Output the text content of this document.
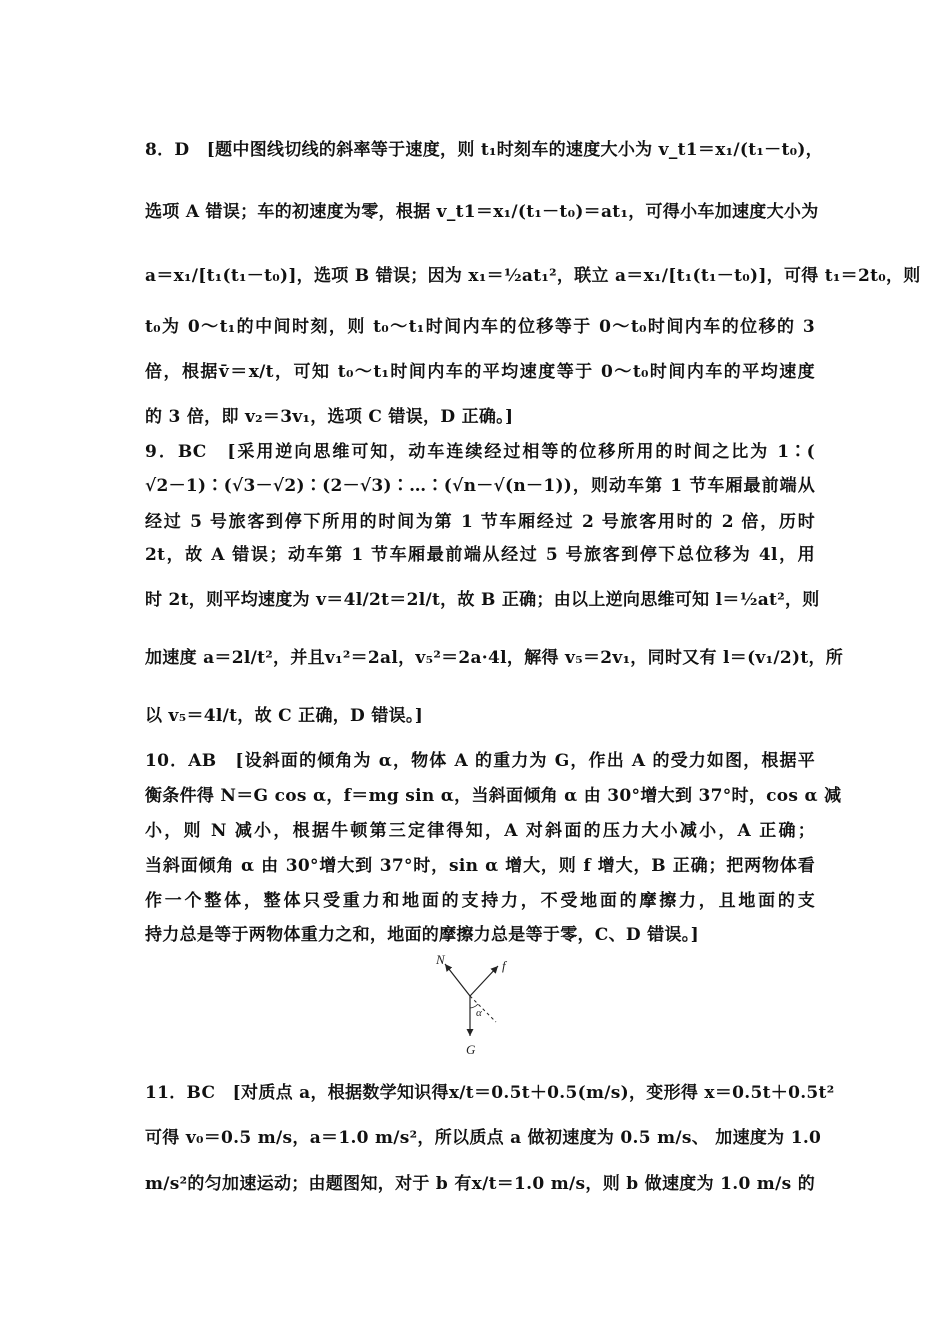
8．D　[题中图线切线的斜率等于速度，则 t₁时刻车的速度大小为 v_t1＝x₁/(t₁－t₀)，
选项 A 错误；车的初速度为零，根据 v_t1＝x₁/(t₁－t₀)＝at₁，可得小车加速度大小为
a＝x₁/[t₁(t₁－t₀)]，选项 B 错误；因为 x₁＝½at₁²，联立 a＝x₁/[t₁(t₁－t₀)]，可得 t₁＝2t₀，则
t₀为 0～t₁的中间时刻，则 t₀～t₁时间内车的位移等于 0～t₀时间内车的位移的 3
倍，根据v̄＝x/t，可知 t₀～t₁时间内车的平均速度等于 0～t₀时间内车的平均速度
的 3 倍，即 v₂＝3v₁，选项 C 错误，D 正确。]
9．BC　[采用逆向思维可知，动车连续经过相等的位移所用的时间之比为 1∶(
√2－1)∶(√3－√2)∶(2－√3)∶…∶(√n－√(n－1))，则动车第 1 节车厢最前端从
经过 5 号旅客到停下所用的时间为第 1 节车厢经过 2 号旅客用时的 2 倍，历时
2t，故 A 错误；动车第 1 节车厢最前端从经过 5 号旅客到停下总位移为 4l，用
时 2t，则平均速度为 v＝4l/2t＝2l/t，故 B 正确；由以上逆向思维可知 l＝½at²，则
加速度 a＝2l/t²，并且v₁²＝2al，v₅²＝2a·4l，解得 v₅＝2v₁，同时又有 l＝(v₁/2)t，所
以 v₅＝4l/t，故 C 正确，D 错误。]
10．AB　[设斜面的倾角为 α，物体 A 的重力为 G，作出 A 的受力如图，根据平
衡条件得 N＝G cos α，f＝mg sin α，当斜面倾角 α 由 30°增大到 37°时，cos α 减
小，则 N 减小，根据牛顿第三定律得知，A 对斜面的压力大小减小，A 正确；
当斜面倾角 α 由 30°增大到 37°时，sin α 增大，则 f 增大，B 正确；把两物体看
作一个整体，整体只受重力和地面的支持力，不受地面的摩擦力，且地面的支
持力总是等于两物体重力之和，地面的摩擦力总是等于零，C、D 错误。]
N	f
G
α
11．BC　[对质点 a，根据数学知识得x/t＝0.5t＋0.5(m/s)，变形得 x＝0.5t＋0.5t²
可得 v₀＝0.5 m/s，a＝1.0 m/s²，所以质点 a 做初速度为 0.5 m/s、 加速度为 1.0
m/s²的匀加速运动；由题图知，对于 b 有x/t＝1.0 m/s，则 b 做速度为 1.0 m/s 的
